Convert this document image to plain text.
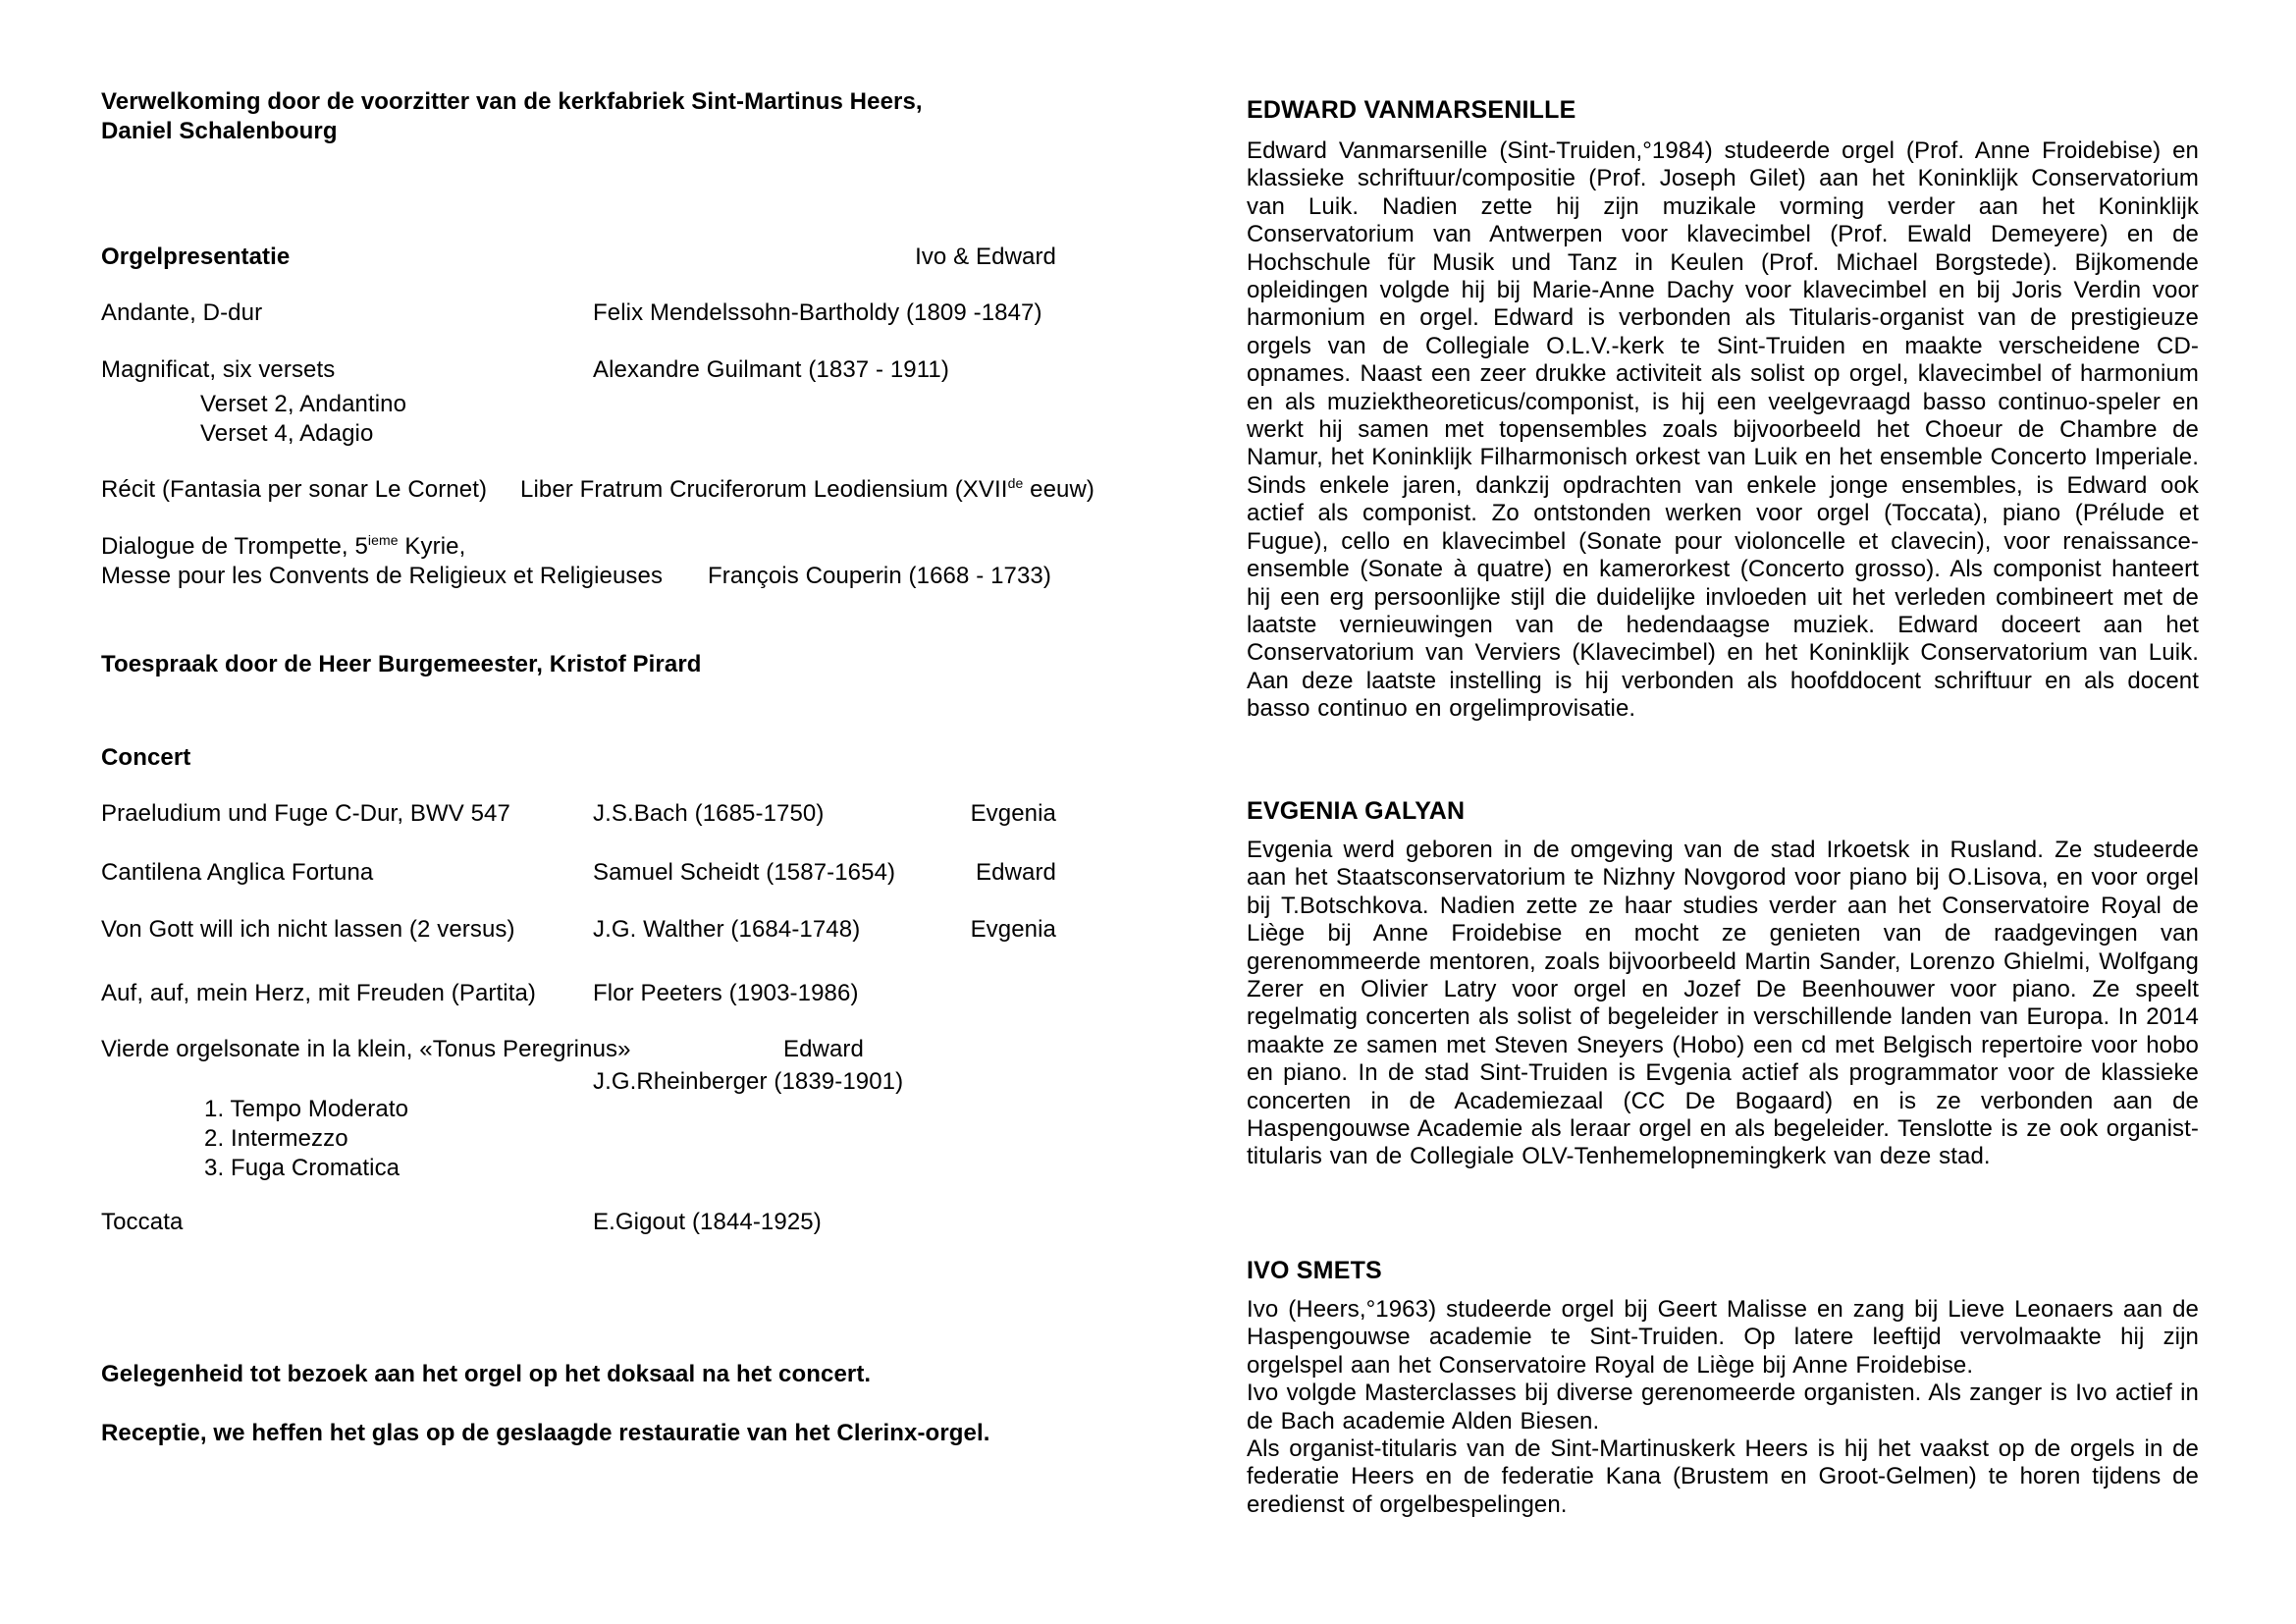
Verwelkoming door de voorzitter van de kerkfabriek Sint-Martinus Heers,
Daniel Schalenbourg
Orgelpresentatie	Ivo & Edward
Andante, D-dur	Felix Mendelssohn-Bartholdy (1809 -1847)
Magnificat, six versets	Alexandre Guilmant (1837 - 1911)
Verset 2, Andantino
Verset 4, Adagio
Récit (Fantasia per sonar Le Cornet) Liber Fratrum Cruciferorum Leodiensium (XVIIde eeuw)
Dialogue de Trompette, 5ieme Kyrie,
Messe pour les Convents de Religieux et Religieuses François Couperin (1668 - 1733)
Toespraak door de Heer Burgemeester, Kristof Pirard
Concert
Praeludium und Fuge C-Dur, BWV 547	J.S.Bach (1685-1750)	Evgenia
Cantilena Anglica Fortuna	Samuel Scheidt (1587-1654)	Edward
Von Gott will ich nicht lassen (2 versus)	J.G. Walther (1684-1748)	Evgenia
Auf, auf, mein Herz, mit Freuden (Partita) Flor Peeters (1903-1986)
Vierde orgelsonate in la klein, «Tonus Peregrinus»	Edward
J.G.Rheinberger (1839-1901)
1. Tempo Moderato
2. Intermezzo
3. Fuga Cromatica
Toccata	E.Gigout (1844-1925)
Gelegenheid tot bezoek aan het orgel op het doksaal na het concert.
Receptie, we heffen het glas op de geslaagde restauratie van het Clerinx-orgel.
EDWARD VANMARSENILLE
Edward Vanmarsenille (Sint-Truiden,°1984) studeerde orgel (Prof. Anne Froidebise) en klassieke schriftuur/compositie (Prof. Joseph Gilet) aan het Koninklijk Conservatorium van Luik. Nadien zette hij zijn muzikale vorming verder aan het Koninklijk Conservatorium van Antwerpen voor klavecimbel (Prof. Ewald Demeyere) en de Hochschule für Musik und Tanz in Keulen (Prof. Michael Borgstede). Bijkomende opleidingen volgde hij bij Marie-Anne Dachy voor klavecimbel en bij Joris Verdin voor harmonium en orgel. Edward is verbonden als Titularis-organist van de prestigieuze orgels van de Collegiale O.L.V.-kerk te Sint-Truiden en maakte verscheidene CD-opnames. Naast een zeer drukke activiteit als solist op orgel, klavecimbel of harmonium en als muziektheoreticus/componist, is hij een veelgevraagd basso continuo-speler en werkt hij samen met topensembles zoals bijvoorbeeld het Choeur de Chambre de Namur, het Koninklijk Filharmonisch orkest van Luik en het ensemble Concerto Imperiale. Sinds enkele jaren, dankzij opdrachten van enkele jonge ensembles, is Edward ook actief als componist. Zo ontstonden werken voor orgel (Toccata), piano (Prélude et Fugue), cello en klavecimbel (Sonate pour violoncelle et clavecin), voor renaissance-ensemble (Sonate à quatre) en kamerorkest (Concerto grosso). Als componist hanteert hij een erg persoonlijke stijl die duidelijke invloeden uit het verleden combineert met de laatste vernieuwingen van de hedendaagse muziek. Edward doceert aan het Conservatorium van Verviers (Klavecimbel) en het Koninklijk Conservatorium van Luik. Aan deze laatste instelling is hij verbonden als hoofddocent schriftuur en als docent basso continuo en orgelimprovisatie.
EVGENIA GALYAN
Evgenia werd geboren in de omgeving van de stad Irkoetsk in Rusland. Ze studeerde aan het Staatsconservatorium te Nizhny Novgorod voor piano bij O.Lisova, en voor orgel bij T.Botschkova. Nadien zette ze haar studies verder aan het Conservatoire Royal de Liège bij Anne Froidebise en mocht ze genieten van de raadgevingen van gerenommeerde mentoren, zoals bijvoorbeeld Martin Sander, Lorenzo Ghielmi, Wolfgang Zerer en Olivier Latry voor orgel en Jozef De Beenhouwer voor piano. Ze speelt regelmatig concerten als solist of begeleider in verschillende landen van Europa. In 2014 maakte ze samen met Steven Sneyers (Hobo) een cd met Belgisch repertoire voor hobo en piano. In de stad Sint-Truiden is Evgenia actief als programmator voor de klassieke concerten in de Academiezaal (CC De Bogaard) en is ze verbonden aan de Haspengouwse Academie als leraar orgel en als begeleider. Tenslotte is ze ook organist-titularis van de Collegiale OLV-Tenhemelopnemingkerk van deze stad.
IVO SMETS
Ivo (Heers,°1963) studeerde orgel bij Geert Malisse en zang bij Lieve Leonaers aan de Haspengouwse academie te Sint-Truiden. Op latere leeftijd vervolmaakte hij zijn orgelspel aan het Conservatoire Royal de Liège bij Anne Froidebise.
Ivo volgde Masterclasses bij diverse gerenomeerde organisten. Als zanger is Ivo actief in de Bach academie Alden Biesen.
Als organist-titularis van de Sint-Martinuskerk Heers is hij het vaakst op de orgels in de federatie Heers en de federatie Kana (Brustem en Groot-Gelmen) te horen tijdens de eredienst of orgelbespelingen.
